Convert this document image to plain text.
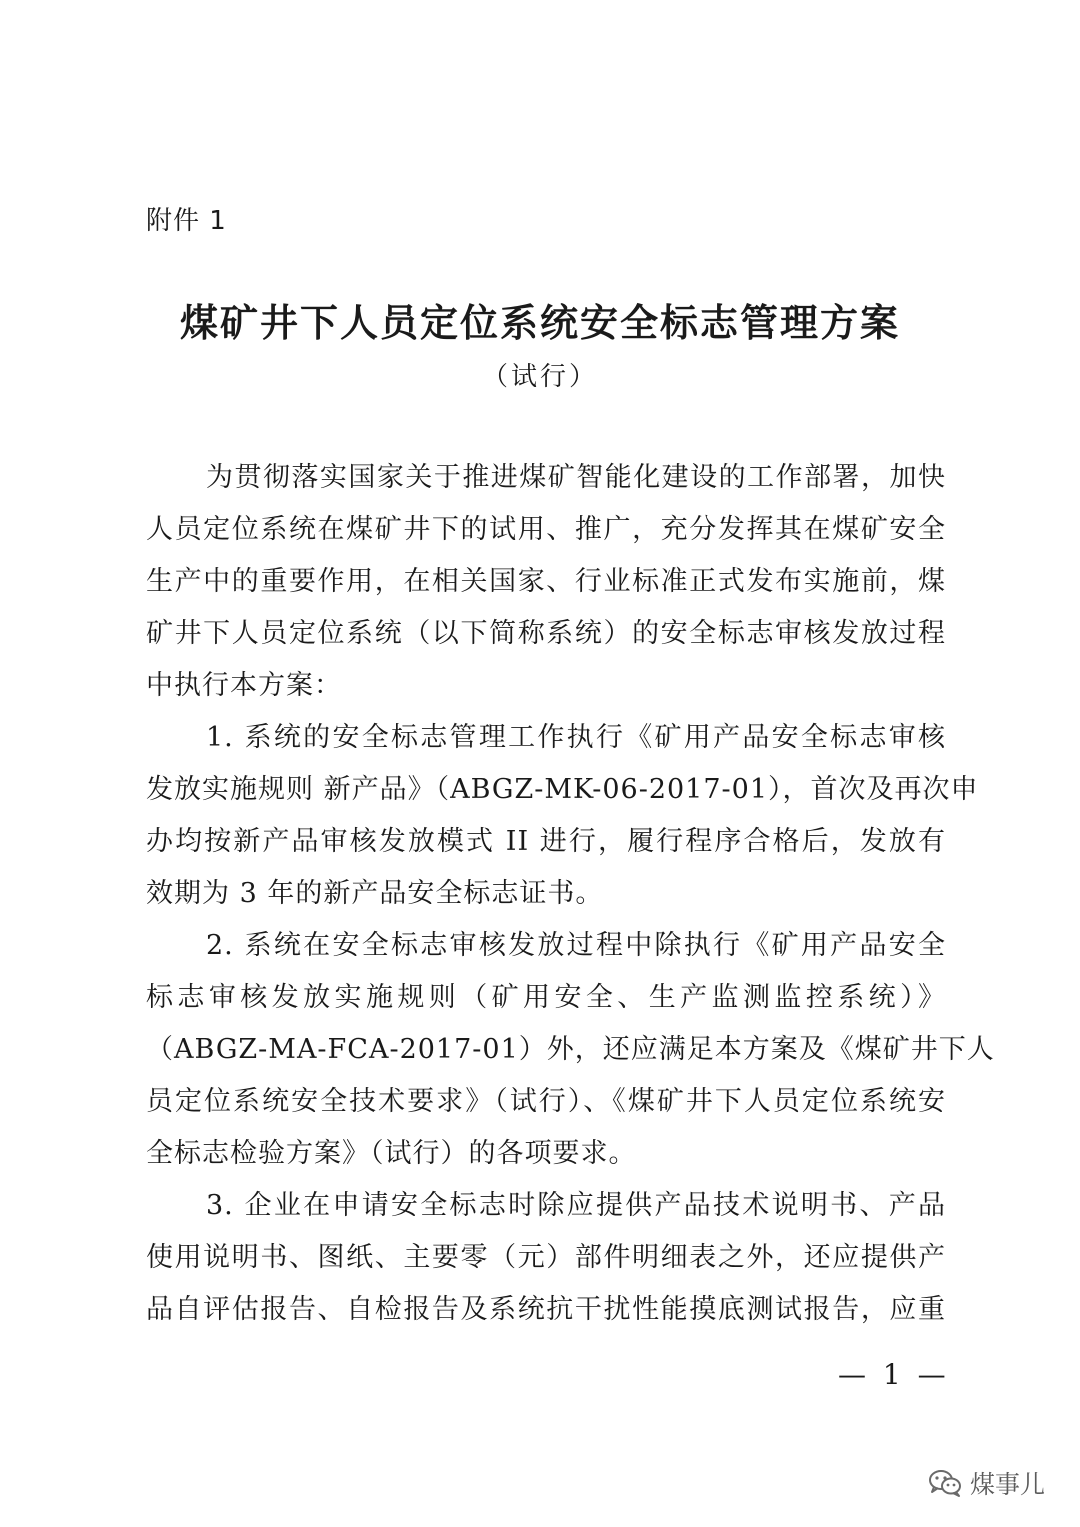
附件 1
煤矿井下人员定位系统安全标志管理方案
（试行）
为贯彻落实国家关于推进煤矿智能化建设的工作部署，加快
人员定位系统在煤矿井下的试用、推广，充分发挥其在煤矿安全
生产中的重要作用，在相关国家、行业标准正式发布实施前，煤
矿井下人员定位系统（以下简称系统）的安全标志审核发放过程
中执行本方案：
1. 系统的安全标志管理工作执行《矿用产品安全标志审核
发放实施规则 新产品》（ABGZ-MK-06-2017-01），首次及再次申
办均按新产品审核发放模式 II 进行，履行程序合格后，发放有
效期为 3 年的新产品安全标志证书。
2. 系统在安全标志审核发放过程中除执行《矿用产品安全
标志审核发放实施规则（矿用安全、生产监测监控系统）》
（ABGZ-MA-FCA-2017-01）外，还应满足本方案及《煤矿井下人
员定位系统安全技术要求》（试行）、《煤矿井下人员定位系统安
全标志检验方案》（试行）的各项要求。
3. 企业在申请安全标志时除应提供产品技术说明书、产品
使用说明书、图纸、主要零（元）部件明细表之外，还应提供产
品自评估报告、自检报告及系统抗干扰性能摸底测试报告，应重
— 1 —
煤事儿
